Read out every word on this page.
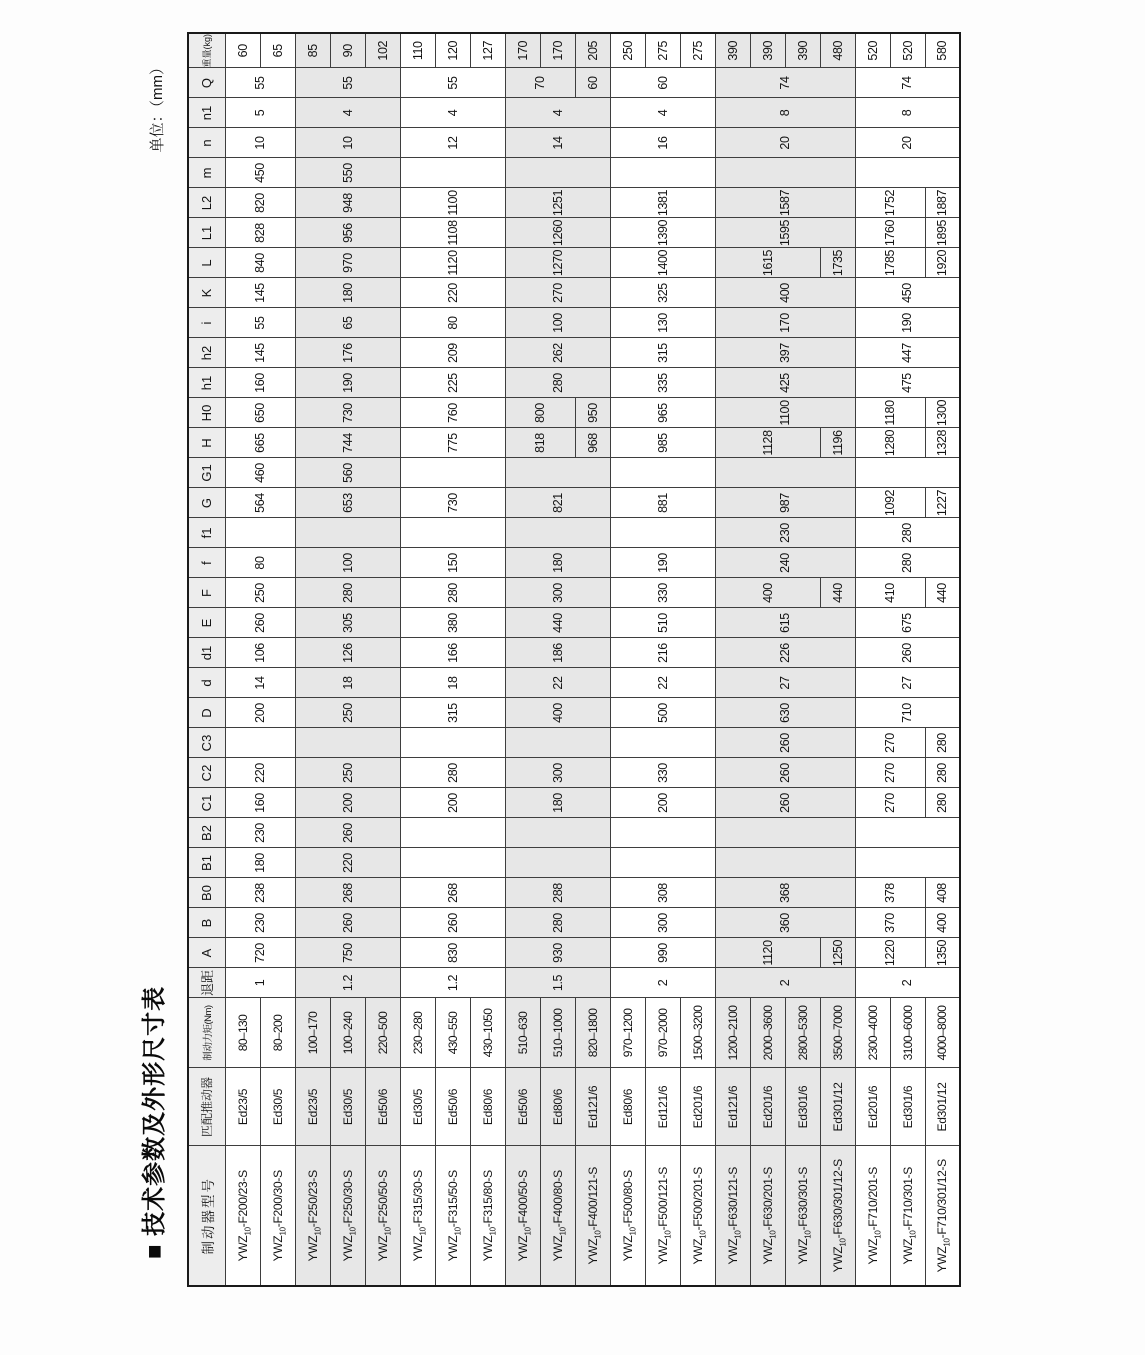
■ 技术参数及外形尺寸表
单位：（mm）
制动器型号	匹配推动器	制动力矩(Nm)	退距	A	B	B0	B1	B2	C1	C2	C3	D	d	d1	E	F	f	f1	G	G1	H	H0	h1	h2	i	K	L	L1	L2	m	n	n1	Q	重量(kg)
$YWZ_{10}-F200/23-S$	Ed23/5	80–130	1	720	230	238	180	230	160	220		200	14	106	260	250	80		564	460	665	650	160	145	55	145	840	828	820	450	10	5	55	60
$YWZ_{10}-F200/30-S$	Ed30/5	80–200																																65
$YWZ_{10}-F250/23-S$	Ed23/5	100–170	1.2	750	260	268	220	260	200	250		250	18	126	305	280	100		653	560	744	730	190	176	65	180	970	956	948	550	10	4	55	85
$YWZ_{10}-F250/30-S$	Ed30/5	100–240																																90
$YWZ_{10}-F250/50-S$	Ed50/6	220–500																																102
$YWZ_{10}-F315/30-S$	Ed30/5	230–280	1.2	830	260	268			200	280		315	18	166	380	280	150		730		775	760	225	209	80	220	1120	1108	1100		12	4	55	110
$YWZ_{10}-F315/50-S$	Ed50/6	430–550																																120
$YWZ_{10}-F315/80-S$	Ed80/6	430–1050																																127
$YWZ_{10}-F400/50-S$	Ed50/6	510–630	1.5	930	280	288			180	300		400	22	186	440	300	180		821		818	800	280	262	100	270	1270	1260	1251		14	4	70	170
$YWZ_{10}-F400/80-S$	Ed80/6	510–1000																																170
$YWZ_{10}-F400/121-S$	Ed121/6	820–1800																			968	950											60	205
$YWZ_{10}-F500/80-S$	Ed80/6	970–1200	2	990	300	308			200	330		500	22	216	510	330	190		881		985	965	335	315	130	325	1400	1390	1381		16	4	60	250
$YWZ_{10}-F500/121-S$	Ed121/6	970–2000																																275
$YWZ_{10}-F500/201-S$	Ed201/6	1500–3200																																275
$YWZ_{10}-F630/121-S$	Ed121/6	1200–2100	2	1120	360	368			260	260	260	630	27	226	615	400	240	230	987		1128	1100	425	397	170	400	1615	1595	1587		20	8	74	390
$YWZ_{10}-F630/201-S$	Ed201/6	2000–3600																																390
$YWZ_{10}-F630/301-S$	Ed301/6	2800–5300																																390
$YWZ_{10}-F630/301/12-S$	Ed301/12	3500–7000		1250												440					1196						1735							480
$YWZ_{10}-F710/201-S$	Ed201/6	2300–4000	2	1220	370	378			270	270	270	710	27	260	675	410	280	280	1092		1280	1180	475	447	190	450	1785	1760	1752		20	8	74	520
$YWZ_{10}-F710/301-S$	Ed301/6	3100–6000																																520
$YWZ_{10}-F710/301/12-S$	Ed301/12	4000–8000		1350	400	408			280	280	280					440			1227		1328	1300					1920	1895	1887					580
